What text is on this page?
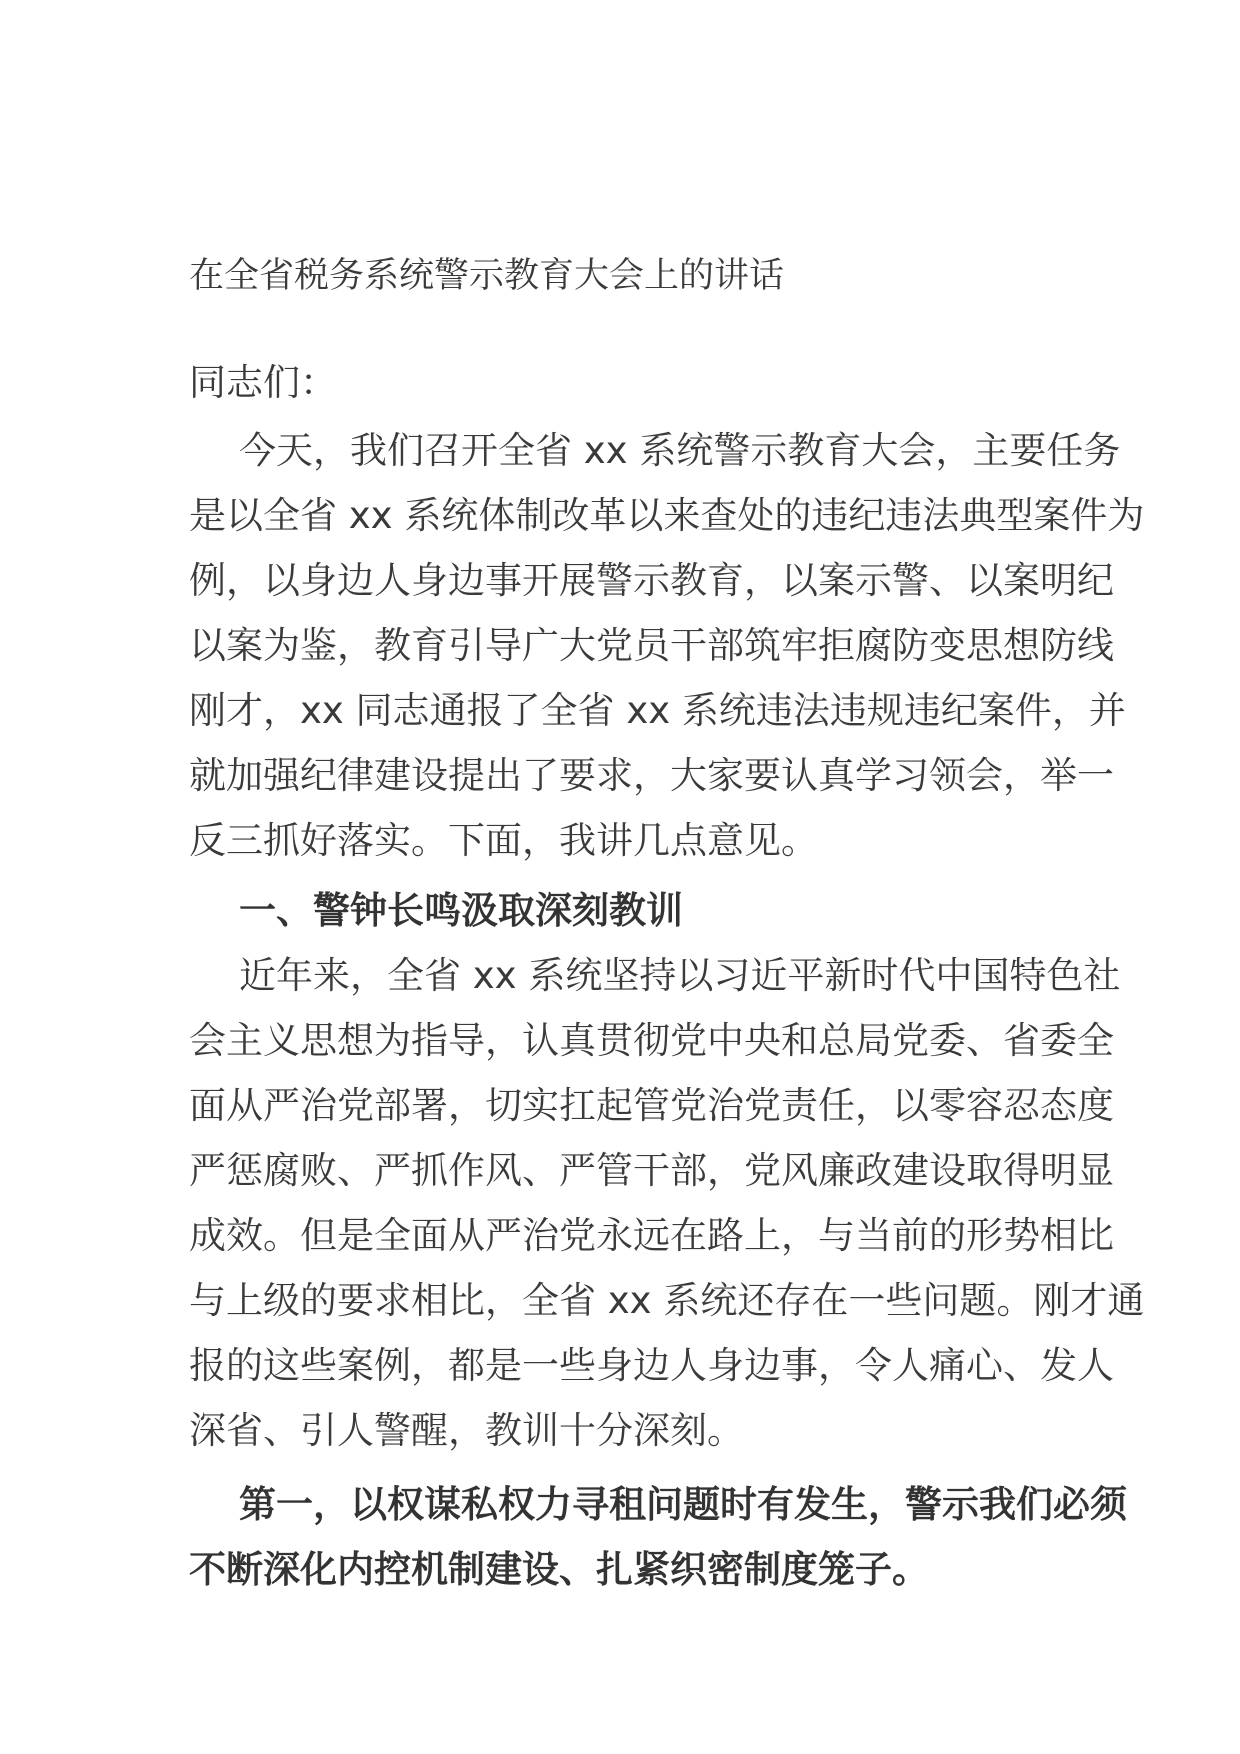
在全省税务系统警示教育大会上的讲话
同志们：
今天，我们召开全省 xx 系统警示教育大会，主要任务
是以全省 xx 系统体制改革以来查处的违纪违法典型案件为
例，以身边人身边事开展警示教育，以案示警、以案明纪
以案为鉴，教育引导广大党员干部筑牢拒腐防变思想防线
刚才，xx 同志通报了全省 xx 系统违法违规违纪案件，并
就加强纪律建设提出了要求，大家要认真学习领会，举一
反三抓好落实。下面，我讲几点意见。
一、警钟长鸣汲取深刻教训
近年来，全省 xx 系统坚持以习近平新时代中国特色社
会主义思想为指导，认真贯彻党中央和总局党委、省委全
面从严治党部署，切实扛起管党治党责任，以零容忍态度
严惩腐败、严抓作风、严管干部，党风廉政建设取得明显
成效。但是全面从严治党永远在路上，与当前的形势相比
与上级的要求相比，全省 xx 系统还存在一些问题。刚才通
报的这些案例，都是一些身边人身边事，令人痛心、发人
深省、引人警醒，教训十分深刻。
第一，以权谋私权力寻租问题时有发生，警示我们必须
不断深化内控机制建设、扎紧织密制度笼子。
